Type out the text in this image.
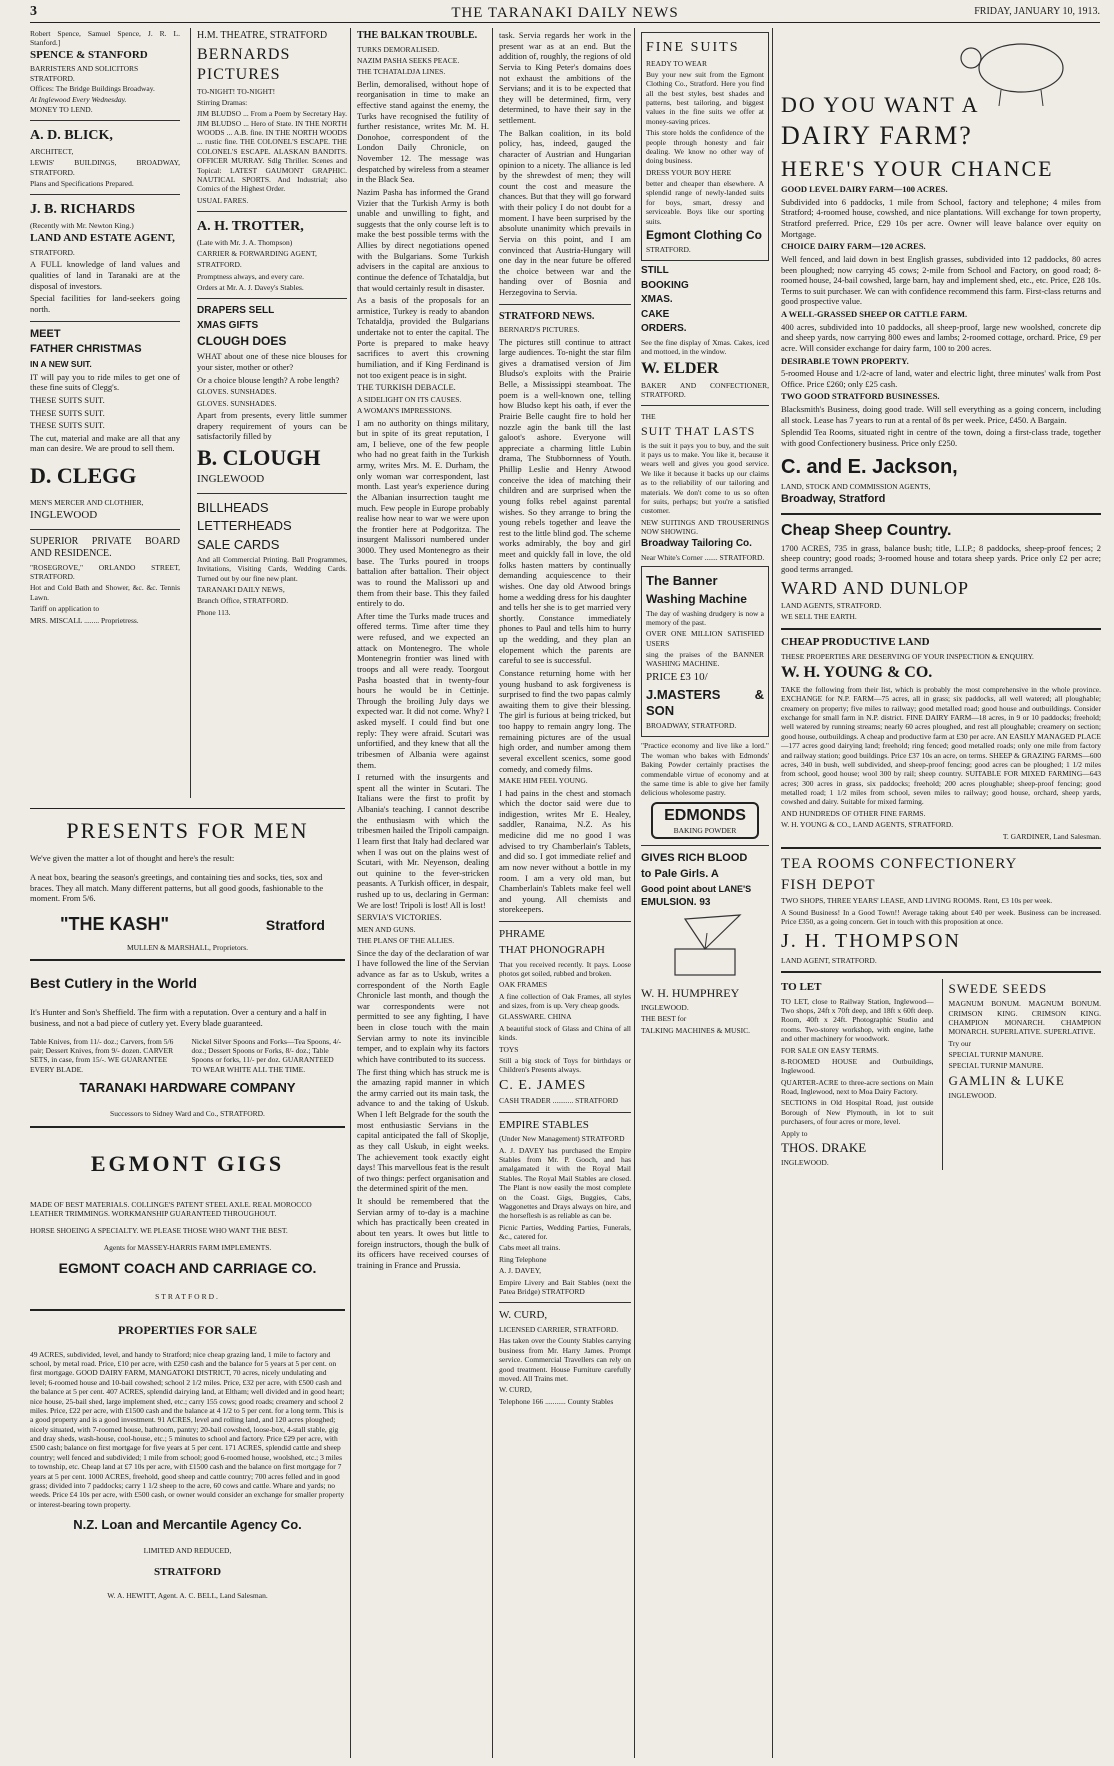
3	THE TARANAKI DAILY NEWS	FRIDAY, JANUARY 10, 1913.

Robert Spence, Samuel Spence, J. R. L. Stanford.]

SPENCE & STANFORD

BARRISTERS AND SOLICITORS

STRATFORD.

Offices: The Bridge Buildings Broadway.

At Inglewood Every Wednesday.

MONEY TO LEND.

A. D. BLICK,

ARCHITECT,

LEWIS' BUILDINGS, BROADWAY, STRATFORD.

Plans and Specifications Prepared.

J. B. RICHARDS

(Recently with Mr. Newton King.)

LAND AND ESTATE AGENT,

STRATFORD.

A FULL knowledge of land values and qualities of land in Taranaki are at the disposal of investors.

Special facilities for land-seekers going north.

MEET

FATHER CHRISTMAS

IN A NEW SUIT.

IT will pay you to ride miles to get one of these fine suits of Clegg's.

THESE SUITS SUIT.

THESE SUITS SUIT.

THESE SUITS SUIT.

The cut, material and make are all that any man can desire. We are proud to sell them.

D. CLEGG

MEN'S MERCER AND CLOTHIER,

INGLEWOOD

SUPERIOR PRIVATE BOARD AND RESIDENCE.

"ROSEGROVE," ORLANDO STREET, STRATFORD.

Hot and Cold Bath and Shower, &c. &c. Tennis Lawn.

Tariff on application to

MRS. MISCALL ........ Proprietress.

H.M. THEATRE, STRATFORD

BERNARDS PICTURES

TO-NIGHT! TO-NIGHT!

Stirring Dramas:

JIM BLUDSO ... From a Poem by Secretary Hay. JIM BLUDSO ... Hero of State. IN THE NORTH WOODS ... A.B. fine. IN THE NORTH WOODS ... rustic fine. THE COLONEL'S ESCAPE. THE COLONEL'S ESCAPE. ALASKAN BANDITS. OFFICER MURRAY. Sdlg Thriller. Scenes and Topical: LATEST GAUMONT GRAPHIC. NAUTICAL SPORTS. And Industrial; also Comics of the Highest Order.

USUAL FARES.

A. H. TROTTER,

(Late with Mr. J. A. Thompson)

CARRIER & FORWARDING AGENT,

STRATFORD.

Promptness always, and every care.

Orders at Mr. A. J. Davey's Stables.

DRAPERS SELL

XMAS GIFTS

CLOUGH DOES

WHAT about one of these nice blouses for your sister, mother or other?

Or a choice blouse length? A robe length?

GLOVES. SUNSHADES.

GLOVES. SUNSHADES.

Apart from presents, every little summer drapery requirement of yours can be satisfactorily filled by

B. CLOUGH

INGLEWOOD

BILLHEADS

LETTERHEADS

SALE CARDS

And all Commercial Printing. Ball Programmes, Invitations, Visiting Cards, Wedding Cards. Turned out by our fine new plant.

TARANAKI DAILY NEWS,

Branch Office, STRATFORD.

Phone 113.

PRESENTS FOR MEN

We've given the matter a lot of thought and here's the result:

A neat box, bearing the season's greetings, and containing ties and socks, ties, sox and braces. They all match. Many different patterns, but all good goods, fashionable to the moment. From 5/6.

"THE KASH"	Stratford

MULLEN & MARSHALL, Proprietors.

Best Cutlery in the World

It's Hunter and Son's Sheffield. The firm with a reputation. Over a century and a half in business, and not a bad piece of cutlery yet. Every blade guaranteed.

Table Knives, from 11/- doz.; Carvers, from 5/6 pair; Dessert Knives, from 9/- dozen. CARVER SETS, in case, from 15/-. WE GUARANTEE EVERY BLADE.
Nickel Silver Spoons and Forks—Tea Spoons, 4/- doz.; Dessert Spoons or Forks, 8/- doz.; Table Spoons or forks, 11/- per doz. GUARANTEED TO WEAR WHITE ALL THE TIME.

TARANAKI HARDWARE COMPANY

Successors to Sidney Ward and Co., STRATFORD.

EGMONT GIGS

MADE OF BEST MATERIALS. COLLINGE'S PATENT STEEL AXLE. REAL MOROCCO LEATHER TRIMMINGS. WORKMANSHIP GUARANTEED THROUGHOUT.

HORSE SHOEING A SPECIALTY. WE PLEASE THOSE WHO WANT THE BEST.

Agents for MASSEY-HARRIS FARM IMPLEMENTS.

EGMONT COACH AND CARRIAGE CO.

STRATFORD.

PROPERTIES FOR SALE

49 ACRES, subdivided, level, and handy to Stratford; nice cheap grazing land, 1 mile to factory and school, by metal road. Price, £10 per acre, with £250 cash and the balance for 5 years at 5 per cent. on first mortgage. GOOD DAIRY FARM, MANGATOKI DISTRICT, 70 acres, nicely undulating and level; 6-roomed house and 10-bail cowshed; school 2 1/2 miles. Price, £32 per acre, with £500 cash and the balance at 5 per cent. 407 ACRES, splendid dairying land, at Eltham; well divided and in good heart; nice house, 25-bail shed, large implement shed, etc.; carry 155 cows; good roads; creamery and school 2 miles. Price, £22 per acre, with £1500 cash and the balance at 4 1/2 to 5 per cent. for a long term. This is a good property and is a good investment. 91 ACRES, level and rolling land, and 120 acres ploughed; nicely situated, with 7-roomed house, bathroom, pantry; 20-bail cowshed, loose-box, 4-stall stable, gig and dray sheds, wash-house, cool-house, etc.; 5 minutes to school and factory. Price £29 per acre, with £500 cash; balance on first mortgage for five years at 5 per cent. 171 ACRES, splendid cattle and sheep country; well fenced and subdivided; 1 mile from school; good 6-roomed house, woolshed, etc.; 3 miles to township, etc. Cheap land at £7 10s per acre, with £1500 cash and the balance on first mortgage for 7 years at 5 per cent. 1000 ACRES, freehold, good sheep and cattle country; 700 acres felled and in good grass; divided into 7 paddocks; carry 1 1/2 sheep to the acre, 60 cows and cattle. Whare and yards; no weeds. Price £4 10s per acre, with £500 cash, or owner would consider an exchange for smaller property or interest-bearing town property.

N.Z. Loan and Mercantile Agency Co.

LIMITED AND REDUCED,

STRATFORD

W. A. HEWITT, Agent. A. C. BELL, Land Salesman.

THE BALKAN TROUBLE.

TURKS DEMORALISED.

NAZIM PASHA SEEKS PEACE.

THE TCHATALDJA LINES.

Berlin, demoralised, without hope of reorganisation in time to make an effective stand against the enemy, the Turks have recognised the futility of further resistance, writes Mr. M. H. Donohoe, correspondent of the London Daily Chronicle, on November 12. The message was despatched by wireless from a steamer in the Black Sea.

Nazim Pasha has informed the Grand Vizier that the Turkish Army is both unable and unwilling to fight, and suggests that the only course left is to make the best possible terms with the Allies by direct negotiations opened with the Bulgarians. Some Turkish advisers in the capital are anxious to continue the defence of Tchataldja, but that would certainly result in disaster.

As a basis of the proposals for an armistice, Turkey is ready to abandon Tchataldja, provided the Bulgarians undertake not to enter the capital. The Porte is prepared to make heavy sacrifices to avert this crowning humiliation, and if King Ferdinand is not too exigent peace is in sight.

THE TURKISH DEBACLE.

A SIDELIGHT ON ITS CAUSES.

A WOMAN'S IMPRESSIONS.

I am no authority on things military, but in spite of its great reputation, I am, I believe, one of the few people who had no great faith in the Turkish army, writes Mrs. M. E. Durham, the only woman war correspondent, last month. Last year's experience during the Albanian insurrection taught me much. Few people in Europe probably realise how near to war we were upon the frontier here at Podgoritza. The insurgent Malissori numbered under 3000. They used Montenegro as their base. The Turks poured in troops battalion after battalion. Their object was to round the Malissori up and them from their base. This they failed entirely to do.

After time the Turks made truces and offered terms. Time after time they were refused, and we expected an attack on Montenegro. The whole Montenegrin frontier was lined with troops and all were ready. Toorgout Pasha boasted that in twenty-four hours he would be in Cettinje. Through the broiling July days we expected war. It did not come. Why? I asked myself. I could find but one reply: They were afraid. Scutari was unfortified, and they knew that all the tribesmen of Albania were against them.

I returned with the insurgents and spent all the winter in Scutari. The Italians were the first to profit by Albania's teaching. I cannot describe the enthusiasm with which the tribesmen hailed the Tripoli campaign. I learn first that Italy had declared war when I was out on the plains west of Scutari, with Mr. Neyenson, dealing out quinine to the fever-stricken peasants. A Turkish officer, in despair, rushed up to us, declaring in German: We are lost! Tripoli is lost! All is lost!

SERVIA'S VICTORIES.

MEN AND GUNS.

THE PLANS OF THE ALLIES.

Since the day of the declaration of war I have followed the line of the Servian advance as far as to Uskub, writes a correspondent of the North Eagle Chronicle last month, and though the war correspondents were not permitted to see any fighting, I have been in close touch with the main Servian army to note its invincible temper, and to explain why its factors which have contributed to its success.

The first thing which has struck me is the amazing rapid manner in which the army carried out its main task, the advance to and the taking of Uskub. When I left Belgrade for the south the most enthusiastic Servians in the capital anticipated the fall of Skoplje, as they call Uskub, in eight weeks. The achievement took exactly eight days! This marvellous feat is the result of two things: perfect organisation and the determined spirit of the men.

It should be remembered that the Servian army of to-day is a machine which has practically been created in about ten years. It owes but little to foreign instructors, though the bulk of its officers have received courses of training in France and Prussia.

task. Servia regards her work in the present war as at an end. But the addition of, roughly, the regions of old Servia to King Peter's domains does not exhaust the ambitions of the Servians; and it is to be expected that they will be determined, firm, very determined, to have their say in the settlement.

The Balkan coalition, in its bold policy, has, indeed, gauged the character of Austrian and Hungarian opinion to a nicety. The alliance is led by the shrewdest of men; they will count the cost and measure the chances. But that they will go forward with their policy I do not doubt for a moment. I have been surprised by the absolute unanimity which prevails in Servia on this point, and I am convinced that Austria-Hungary will one day in the near future be offered the choice between war and the handing over of Bosnia and Herzegovina to Servia.

STRATFORD NEWS.

BERNARD'S PICTURES.

The pictures still continue to attract large audiences. To-night the star film gives a dramatised version of Jim Bludso's exploits with the Prairie Belle, a Mississippi steamboat. The poem is a well-known one, telling how Bludso kept his oath, if ever the Prairie Belle caught fire to hold her nozzle agin the bank till the last galoot's ashore. Everyone will appreciate a charming little Lubin drama, The Stubbornness of Youth. Phillip Leslie and Henry Atwood conceive the idea of matching their children and are surprised when the young folks rebel against parental wishes. So they arrange to bring the young rebels together and leave the rest to the little blind god. The scheme works admirably, the boy and girl meet and quickly fall in love, the old folks hasten matters by continually demanding acquiescence to their wishes. One day old Atwood brings home a wedding dress for his daughter and tells her she is to get married very shortly. Constance immediately phones to Paul and tells him to hurry up the wedding, and they plan an elopement which the parents are careful to see is successful.

Constance returning home with her young husband to ask forgiveness is surprised to find the two papas calmly awaiting them to give their blessing. The girl is furious at being tricked, but too happy to remain angry long. The remaining pictures are of the usual high order, and number among them several excellent scenics, some good comedy, and comedy films.

MAKE HIM FEEL YOUNG.

I had pains in the chest and stomach which the doctor said were due to indigestion, writes Mr E. Healey, saddler, Ranaima, N.Z. As his medicine did me no good I was advised to try Chamberlain's Tablets, and did so. I got immediate relief and am now never without a bottle in my room. I am a very old man, but Chamberlain's Tablets make feel well and young. All chemists and storekeepers.

PHRAME

THAT PHONOGRAPH

That you received recently. It pays. Loose photos get soiled, rubbed and broken.

OAK FRAMES

A fine collection of Oak Frames, all styles and sizes, from is up. Very cheap goods.

GLASSWARE. CHINA

A beautiful stock of Glass and China of all kinds.

TOYS

Still a big stock of Toys for birthdays or Children's Presents always.

C. E. JAMES

CASH TRADER ........... STRATFORD

EMPIRE STABLES

(Under New Management) STRATFORD

A. J. DAVEY has purchased the Empire Stables from Mr. P. Gooch, and has amalgamated it with the Royal Mail Stables. The Royal Mail Stables are closed. The Plant is now easily the most complete on the Coast. Gigs, Buggies, Cabs, Waggonettes and Drays always on hire, and the horseflesh is as reliable as can be.

Picnic Parties, Wedding Parties, Funerals, &c., catered for.

Cabs meet all trains.

Ring Telephone

A. J. DAVEY,

Empire Livery and Bait Stables (next the Patea Bridge) STRATFORD

W. CURD,

LICENSED CARRIER, STRATFORD.

Has taken over the County Stables carrying business from Mr. Harry James. Prompt service. Commercial Travellers can rely on good treatment. House Furniture carefully moved. All Trains met.

W. CURD,

Telephone 166 ........... County Stables

FINE SUITS

READY TO WEAR

Buy your new suit from the Egmont Clothing Co., Stratford. Here you find all the best styles, best shades and patterns, best tailoring, and biggest values in the fine suits we offer at money-saving prices.

This store holds the confidence of the people through honesty and fair dealing. We know no other way of doing business.

DRESS YOUR BOY HERE

better and cheaper than elsewhere. A splendid range of newly-landed suits for boys, smart, dressy and serviceable. Boys like our sporting suits.

Egmont Clothing Co

STRATFORD.

STILL

BOOKING

XMAS.

CAKE

ORDERS.

See the fine display of Xmas. Cakes, iced and mottoed, in the window.

W. ELDER

BAKER AND CONFECTIONER, STRATFORD.

THE

SUIT THAT LASTS

is the suit it pays you to buy, and the suit it pays us to make. You like it, because it wears well and gives you good service. We like it because it backs up our claims as to the reliability of our tailoring and materials. We don't come to us so often for suits, perhaps; but you're a satisfied customer.

NEW SUITINGS AND TROUSERINGS NOW SHOWING.

Broadway Tailoring Co.

Near White's Corner ....... STRATFORD.

The Banner

Washing Machine

The day of washing drudgery is now a memory of the past.

OVER ONE MILLION SATISFIED USERS

sing the praises of the BANNER WASHING MACHINE.

PRICE £3 10/

J.MASTERS & SON

BROADWAY, STRATFORD.

"Practice economy and live like a lord." The woman who bakes with Edmonds' Baking Powder certainly practises the commendable virtue of economy and at the same time is able to give her family delicious wholesome pastry.

EDMONDS
BAKING POWDER

GIVES RICH BLOOD

to Pale Girls. A

Good point about LANE'S

EMULSION. 93

W. H. HUMPHREY

INGLEWOOD.

THE BEST for

TALKING MACHINES & MUSIC.

DO YOU WANT A

DAIRY FARM?

HERE'S YOUR CHANCE

GOOD LEVEL DAIRY FARM—100 ACRES.

Subdivided into 6 paddocks, 1 mile from School, factory and telephone; 4 miles from Stratford; 4-roomed house, cowshed, and nice plantations. Will exchange for town property, Stratford preferred. Price, £29 10s per acre. Owner will leave balance over equity on Mortgage.

CHOICE DAIRY FARM—120 ACRES.

Well fenced, and laid down in best English grasses, subdivided into 12 paddocks, 80 acres been ploughed; now carrying 45 cows; 2-mile from School and Factory, on good road; 8-roomed house, 24-bail cowshed, large barn, hay and implement shed, etc., etc. Price, £28 10s. Terms to suit purchaser. We can with confidence recommend this farm. First-class returns and good prospective value.

A WELL-GRASSED SHEEP OR CATTLE FARM.

400 acres, subdivided into 10 paddocks, all sheep-proof, large new woolshed, concrete dip and sheep yards, now carrying 800 ewes and lambs; 2-roomed cottage, orchard. Price, £9 per acre. Will consider exchange for dairy farm, 100 to 200 acres.

DESIRABLE TOWN PROPERTY.

5-roomed House and 1/2-acre of land, water and electric light, three minutes' walk from Post Office. Price £260; only £25 cash.

TWO GOOD STRATFORD BUSINESSES.

Blacksmith's Business, doing good trade. Will sell everything as a going concern, including all stock. Lease has 7 years to run at a rental of 8s per week. Price, £450. A Bargain.

Splendid Tea Rooms, situated right in centre of the town, doing a first-class trade, together with good Confectionery business. Price only £250.

C. and E. Jackson,

LAND, STOCK AND COMMISSION AGENTS,

Broadway, Stratford

Cheap Sheep Country.

1700 ACRES, 735 in grass, balance bush; title, L.I.P.; 8 paddocks, sheep-proof fences; 2 sheep country; good roads; 3-roomed house and totara sheep yards. Price only £2 per acre; good terms arranged.

WARD AND DUNLOP

LAND AGENTS, STRATFORD.

WE SELL THE EARTH.

CHEAP PRODUCTIVE LAND

THESE PROPERTIES ARE DESERVING OF YOUR INSPECTION & ENQUIRY.

W. H. YOUNG & CO.

TAKE the following from their list, which is probably the most comprehensive in the whole province. EXCHANGE for N.P. FARM—75 acres, all in grass; six paddocks, all well watered; all ploughable; creamery on property; five miles to railway; good metalled road; good house and outbuildings. Consider exchange for small farm in N.P. district. FINE DAIRY FARM—18 acres, in 9 or 10 paddocks; freehold; well watered by running streams; nearly 60 acres ploughed, and rest all ploughable; creamery on section; good house, outbuildings. A cheap and productive farm at £30 per acre. AN EASILY MANAGED PLACE—177 acres good dairying land; freehold; ring fenced; good metalled roads; only one mile from factory and railway station; good buildings. Price £37 10s an acre, on terms. SHEEP & GRAZING FARMS—600 acres, 340 in bush, well subdivided, and sheep-proof fencing; good acres can be ploughed; 1 1/2 miles from school, good house; wool 300 by rail; sheep country. SUITABLE FOR MIXED FARMING—643 acres; 300 acres in grass, six paddocks; freehold; 200 acres ploughable; sheep-proof fencing; good metalled road; 1 1/2 miles from school, seven miles to railway; good house, orchard, sheep yards, cowshed and dairy. Suitable for mixed farming.

AND HUNDREDS OF OTHER FINE FARMS.

W. H. YOUNG & CO., LAND AGENTS, STRATFORD.

T. GARDINER, Land Salesman.

TEA ROOMS CONFECTIONERY

FISH DEPOT

TWO SHOPS, THREE YEARS' LEASE, AND LIVING ROOMS. Rent, £3 10s per week.

A Sound Business! In a Good Town!! Average taking about £40 per week. Business can be increased. Price £350, as a going concern. Get in touch with this proposition at once.

J. H. THOMPSON

LAND AGENT, STRATFORD.

TO LET

TO LET, close to Railway Station, Inglewood—Two shops, 24ft x 70ft deep, and 18ft x 60ft deep. Room, 40ft x 24ft. Photographic Studio and rooms. Two-storey workshop, with engine, lathe and other machinery for woodwork.

FOR SALE ON EASY TERMS.

8-ROOMED HOUSE and Outbuildings, Inglewood.

QUARTER-ACRE to three-acre sections on Main Road, Inglewood, next to Moa Dairy Factory.

SECTIONS in Old Hospital Road, just outside Borough of New Plymouth, in lot to suit purchasers, of four acres or more, level.

Apply to

THOS. DRAKE

INGLEWOOD.

SWEDE SEEDS

MAGNUM BONUM. MAGNUM BONUM. CRIMSON KING. CRIMSON KING. CHAMPION MONARCH. CHAMPION MONARCH. SUPERLATIVE. SUPERLATIVE.

Try our

SPECIAL TURNIP MANURE.

SPECIAL TURNIP MANURE.

GAMLIN & LUKE

INGLEWOOD.
